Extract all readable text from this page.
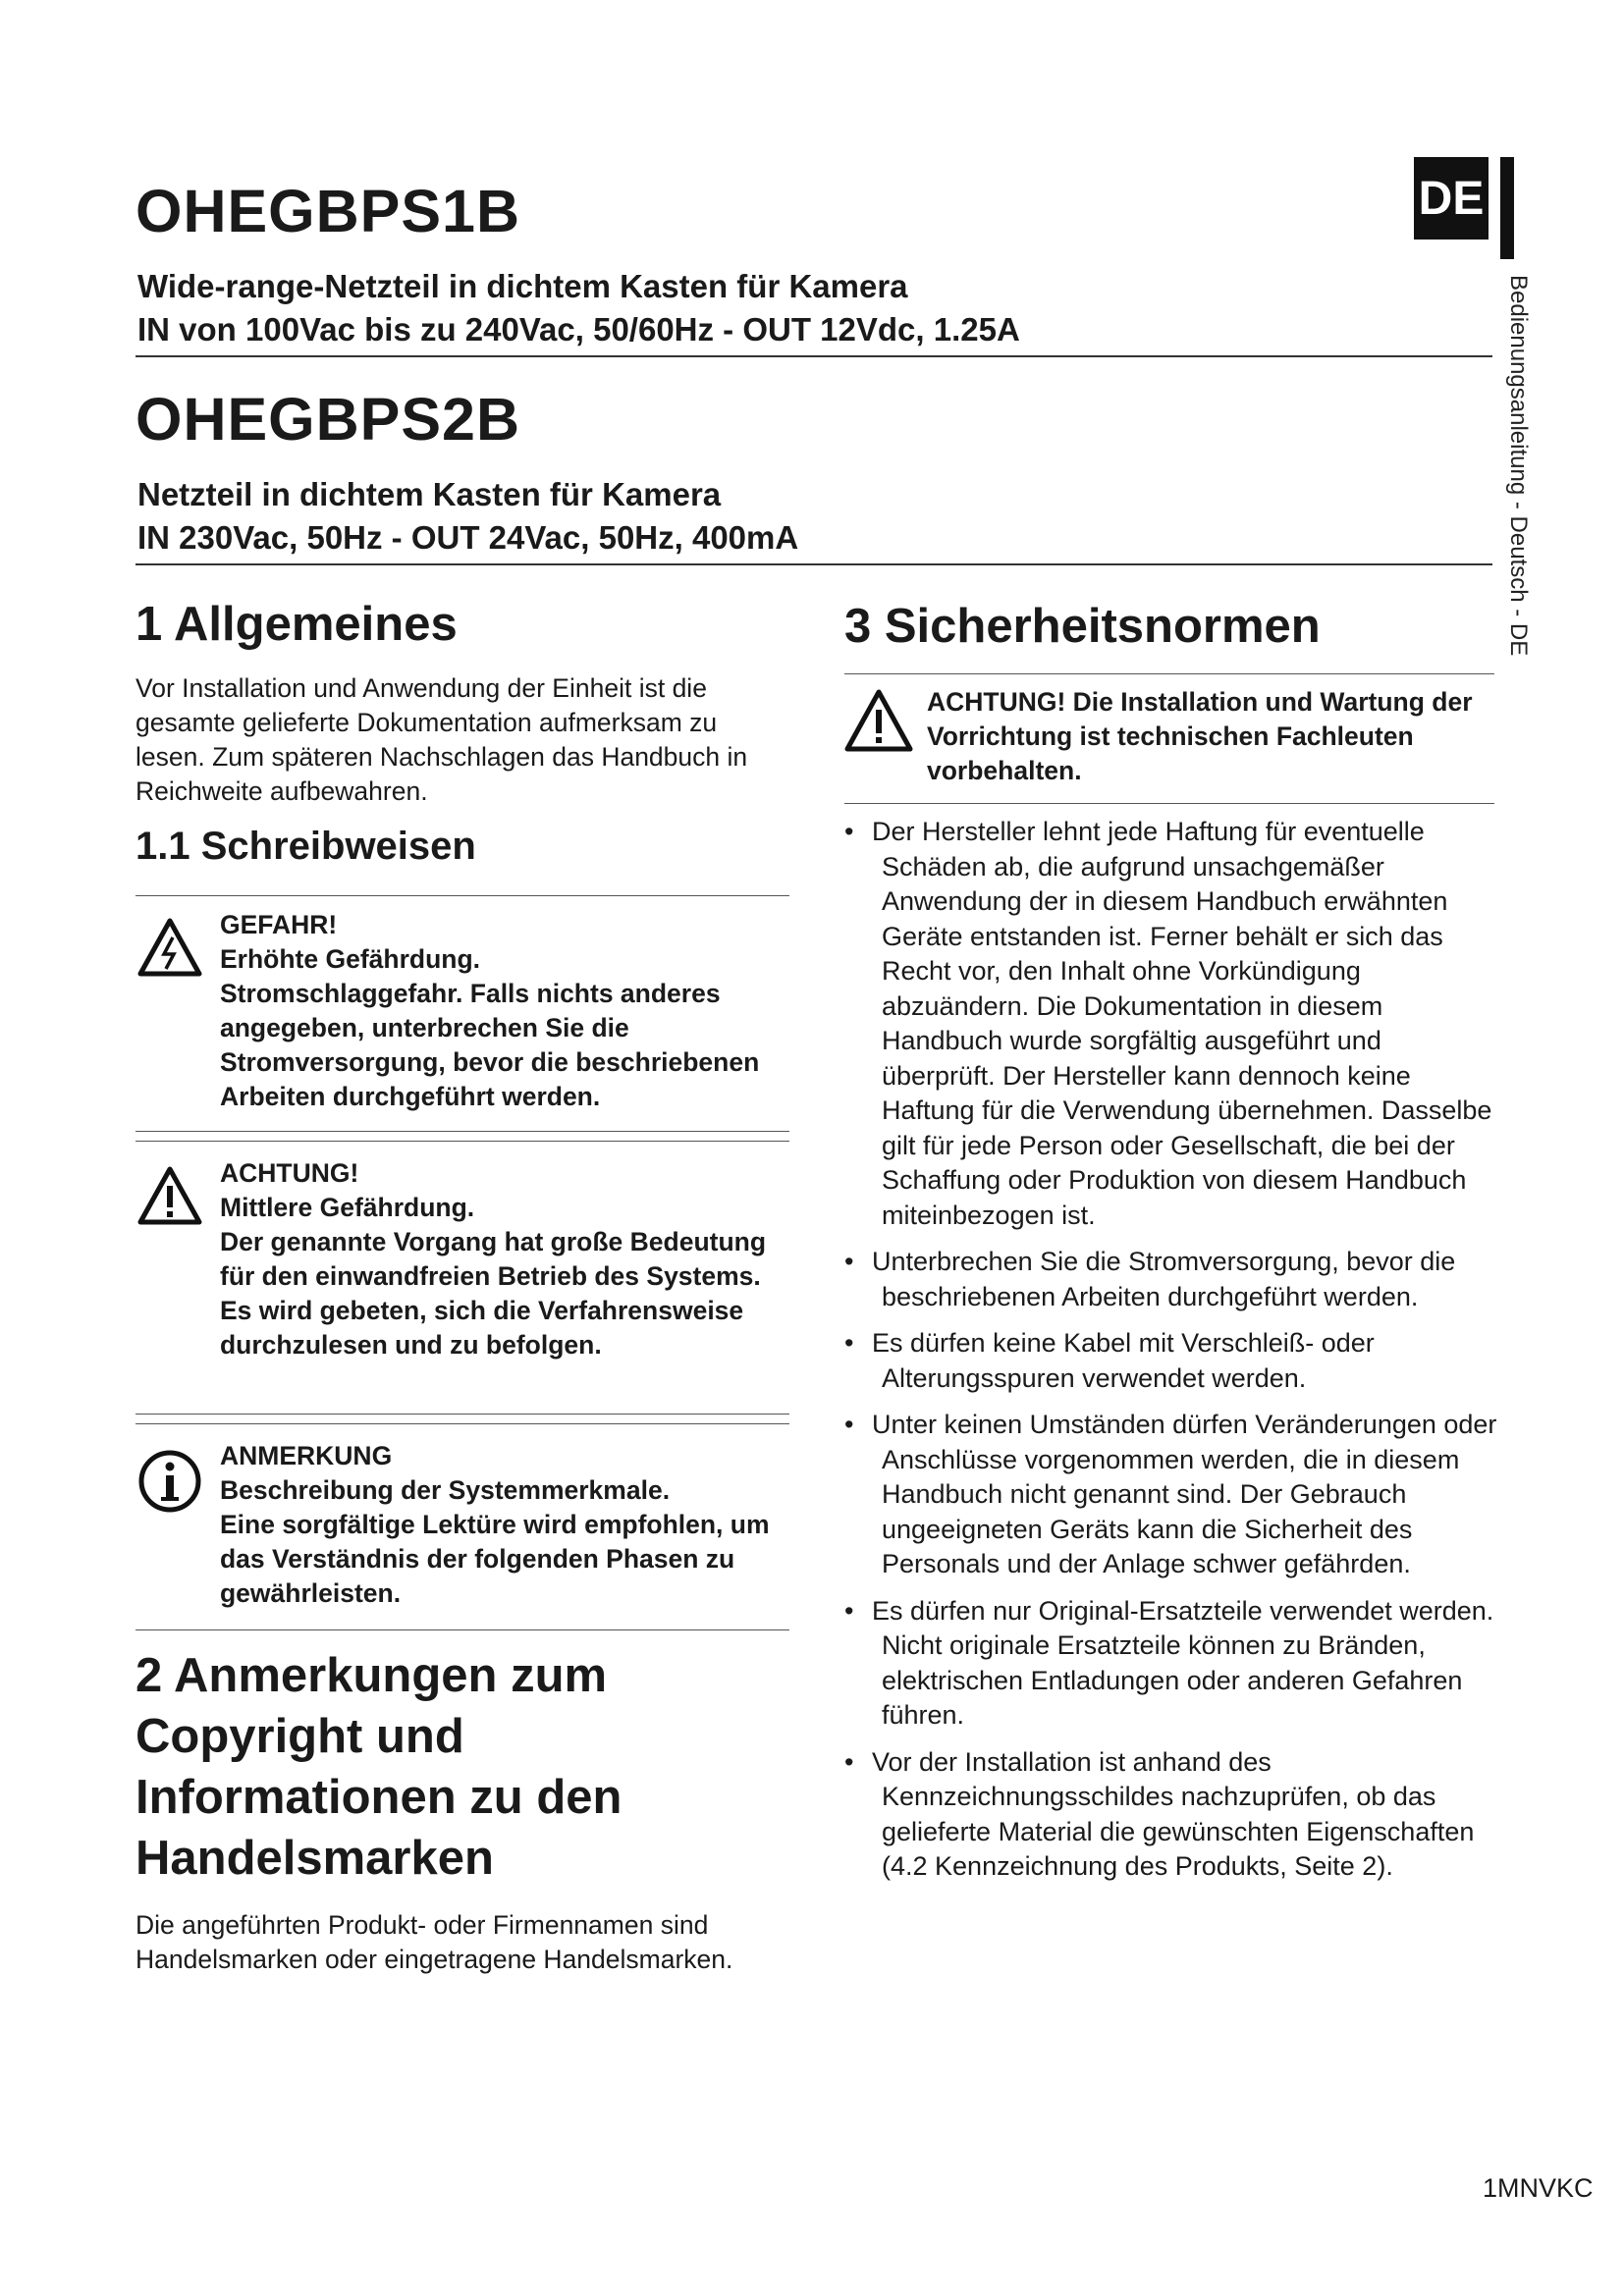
OHEGBPS1B
Wide-range-Netzteil in dichtem Kasten für Kamera
IN von 100Vac bis zu 240Vac, 50/60Hz - OUT 12Vdc, 1.25A
OHEGBPS2B
Netzteil in dichtem Kasten für Kamera
IN 230Vac, 50Hz - OUT 24Vac, 50Hz, 400mA
DE
Bedienungsanleitung - Deutsch - DE
1 Allgemeines
Vor Installation und Anwendung der Einheit ist die gesamte gelieferte Dokumentation aufmerksam zu lesen. Zum späteren Nachschlagen das Handbuch in Reichweite aufbewahren.
1.1 Schreibweisen
GEFAHR!
Erhöhte Gefährdung.
Stromschlaggefahr. Falls nichts anderes angegeben, unterbrechen Sie die Stromversorgung, bevor die beschriebenen Arbeiten durchgeführt werden.
ACHTUNG!
Mittlere Gefährdung.
Der genannte Vorgang hat große Bedeutung für den einwandfreien Betrieb des Systems. Es wird gebeten, sich die Verfahrensweise durchzulesen und zu befolgen.
ANMERKUNG
Beschreibung der Systemmerkmale.
Eine sorgfältige Lektüre wird empfohlen, um das Verständnis der folgenden Phasen zu gewährleisten.
2 Anmerkungen zum Copyright und Informationen zu den Handelsmarken
Die angeführten Produkt- oder Firmennamen sind Handelsmarken oder eingetragene Handelsmarken.
3 Sicherheitsnormen
ACHTUNG! Die Installation und Wartung der Vorrichtung ist technischen Fachleuten vorbehalten.
• Der Hersteller lehnt jede Haftung für eventuelle Schäden ab, die aufgrund unsachgemäßer Anwendung der in diesem Handbuch erwähnten Geräte entstanden ist. Ferner behält er sich das Recht vor, den Inhalt ohne Vorkündigung abzuändern. Die Dokumentation in diesem Handbuch wurde sorgfältig ausgeführt und überprüft. Der Hersteller kann dennoch keine Haftung für die Verwendung übernehmen. Dasselbe gilt für jede Person oder Gesellschaft, die bei der Schaffung oder Produktion von diesem Handbuch miteinbezogen ist.
• Unterbrechen Sie die Stromversorgung, bevor die beschriebenen Arbeiten durchgeführt werden.
• Es dürfen keine Kabel mit Verschleiß- oder Alterungsspuren verwendet werden.
• Unter keinen Umständen dürfen Veränderungen oder Anschlüsse vorgenommen werden, die in diesem Handbuch nicht genannt sind. Der Gebrauch ungeeigneten Geräts kann die Sicherheit des Personals und der Anlage schwer gefährden.
• Es dürfen nur Original-Ersatzteile verwendet werden. Nicht originale Ersatzteile können zu Bränden, elektrischen Entladungen oder anderen Gefahren führen.
• Vor der Installation ist anhand des Kennzeichnungsschildes nachzuprüfen, ob das gelieferte Material die gewünschten Eigenschaften (4.2 Kennzeichnung des Produkts, Seite 2).
1MNVKC
